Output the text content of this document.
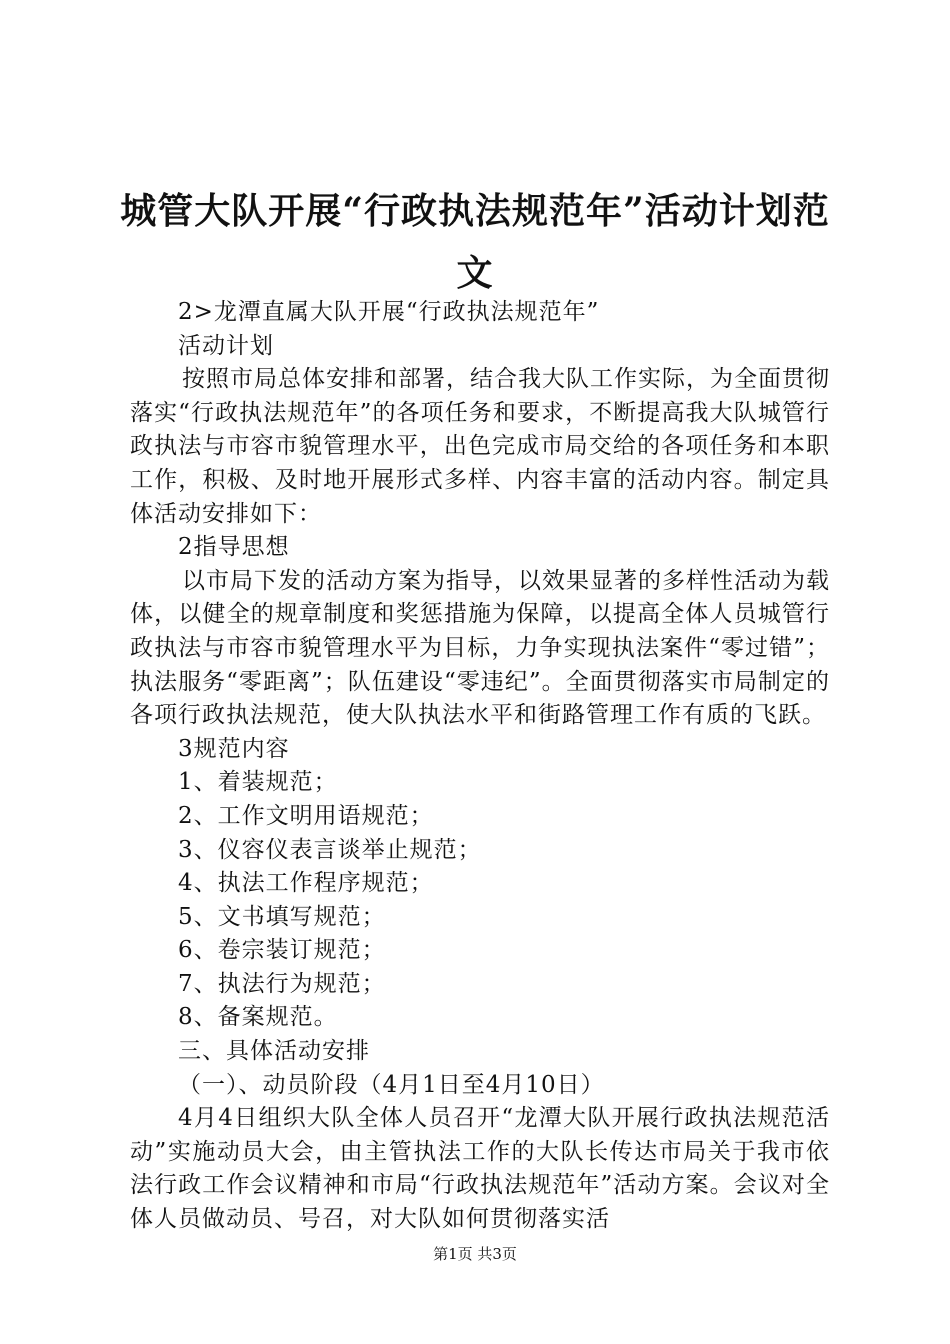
城管大队开展“行政执法规范年”活动计划范文

2>龙潭直属大队开展“行政执法规范年”

活动计划

按照市局总体安排和部署，结合我大队工作实际，为全面贯彻落实“行政执法规范年”的各项任务和要求，不断提高我大队城管行政执法与市容市貌管理水平，出色完成市局交给的各项任务和本职工作，积极、及时地开展形式多样、内容丰富的活动内容。制定具体活动安排如下：

2指导思想

以市局下发的活动方案为指导，以效果显著的多样性活动为载体，以健全的规章制度和奖惩措施为保障，以提高全体人员城管行政执法与市容市貌管理水平为目标，力争实现执法案件“零过错”；执法服务“零距离”；队伍建设“零违纪”。全面贯彻落实市局制定的各项行政执法规范，使大队执法水平和街路管理工作有质的飞跃。

3规范内容

1、着装规范；
2、工作文明用语规范；
3、仪容仪表言谈举止规范；
4、执法工作程序规范；
5、文书填写规范；
6、卷宗装订规范；
7、执法行为规范；
8、备案规范。

三、具体活动安排

（一）、动员阶段（4月1日至4月10日）

4月4日组织大队全体人员召开“龙潭大队开展行政执法规范活动”实施动员大会，由主管执法工作的大队长传达市局关于我市依法行政工作会议精神和市局“行政执法规范年”活动方案。会议对全体人员做动员、号召，对大队如何贯彻落实活

第1页 共3页
